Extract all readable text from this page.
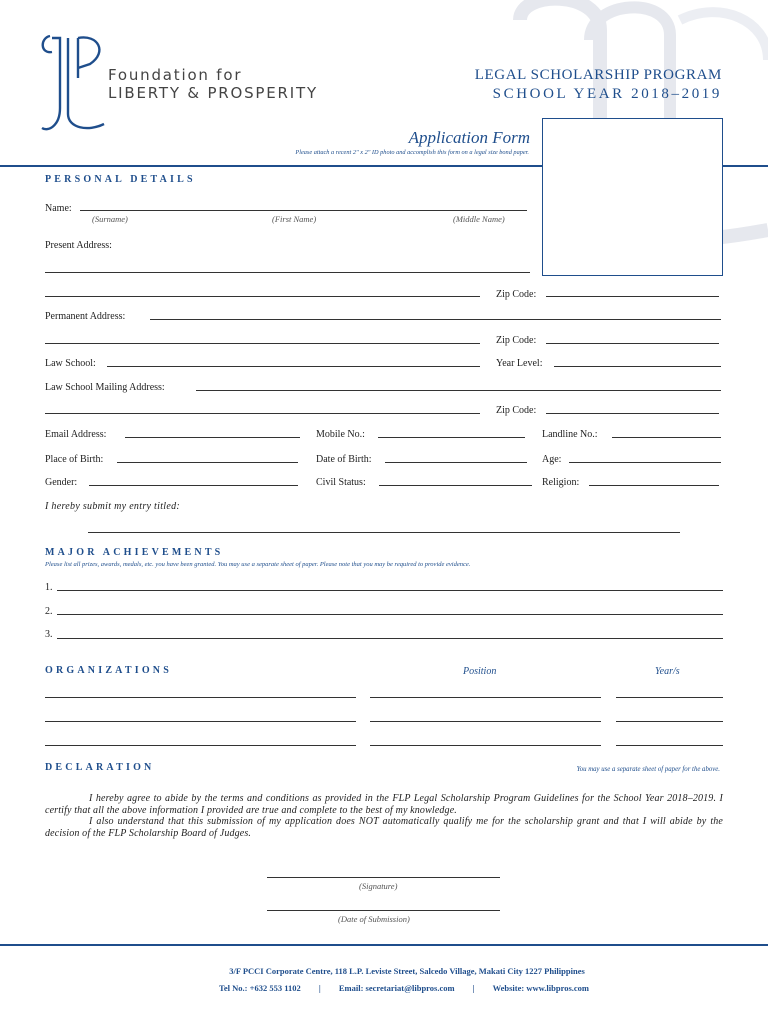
Foundation for
LIBERTY & PROSPERITY
LEGAL SCHOLARSHIP PROGRAM
SCHOOL YEAR 2018–2019
Application Form
Please attach a recent 2" x 2" ID photo and accomplish this form on a legal size bond paper.
PERSONAL DETAILS
Name:
(Surname)	(First Name)	(Middle Name)
Present Address:
Zip Code:
Permanent Address:
Zip Code:
Law School:	Year Level:
Law School Mailing Address:
Zip Code:
Email Address:	Mobile No.:	Landline No.:
Place of Birth:	Date of Birth:	Age:
Gender:	Civil Status:	Religion:
I hereby submit my entry titled:
MAJOR ACHIEVEMENTS
Please list all prizes, awards, medals, etc. you have been granted. You may use a separate sheet of paper. Please note that you may be required to provide evidence.
1.
2.
3.
ORGANIZATIONS	Position	Year/s
DECLARATION	You may use a separate sheet of paper for the above.
I hereby agree to abide by the terms and conditions as provided in the FLP Legal Scholarship Program Guidelines for the School Year 2018–2019. I certify that all the above information I provided are true and complete to the best of my knowledge.
I also understand that this submission of my application does NOT automatically qualify me for the scholarship grant and that I will abide by the decision of the FLP Scholarship Board of Judges.
(Signature)
(Date of Submission)
3/F PCCI Corporate Centre, 118 L.P. Leviste Street, Salcedo Village, Makati City 1227 Philippines
Tel No.: +632 553 1102 | Email: secretariat@libpros.com | Website: www.libpros.com
